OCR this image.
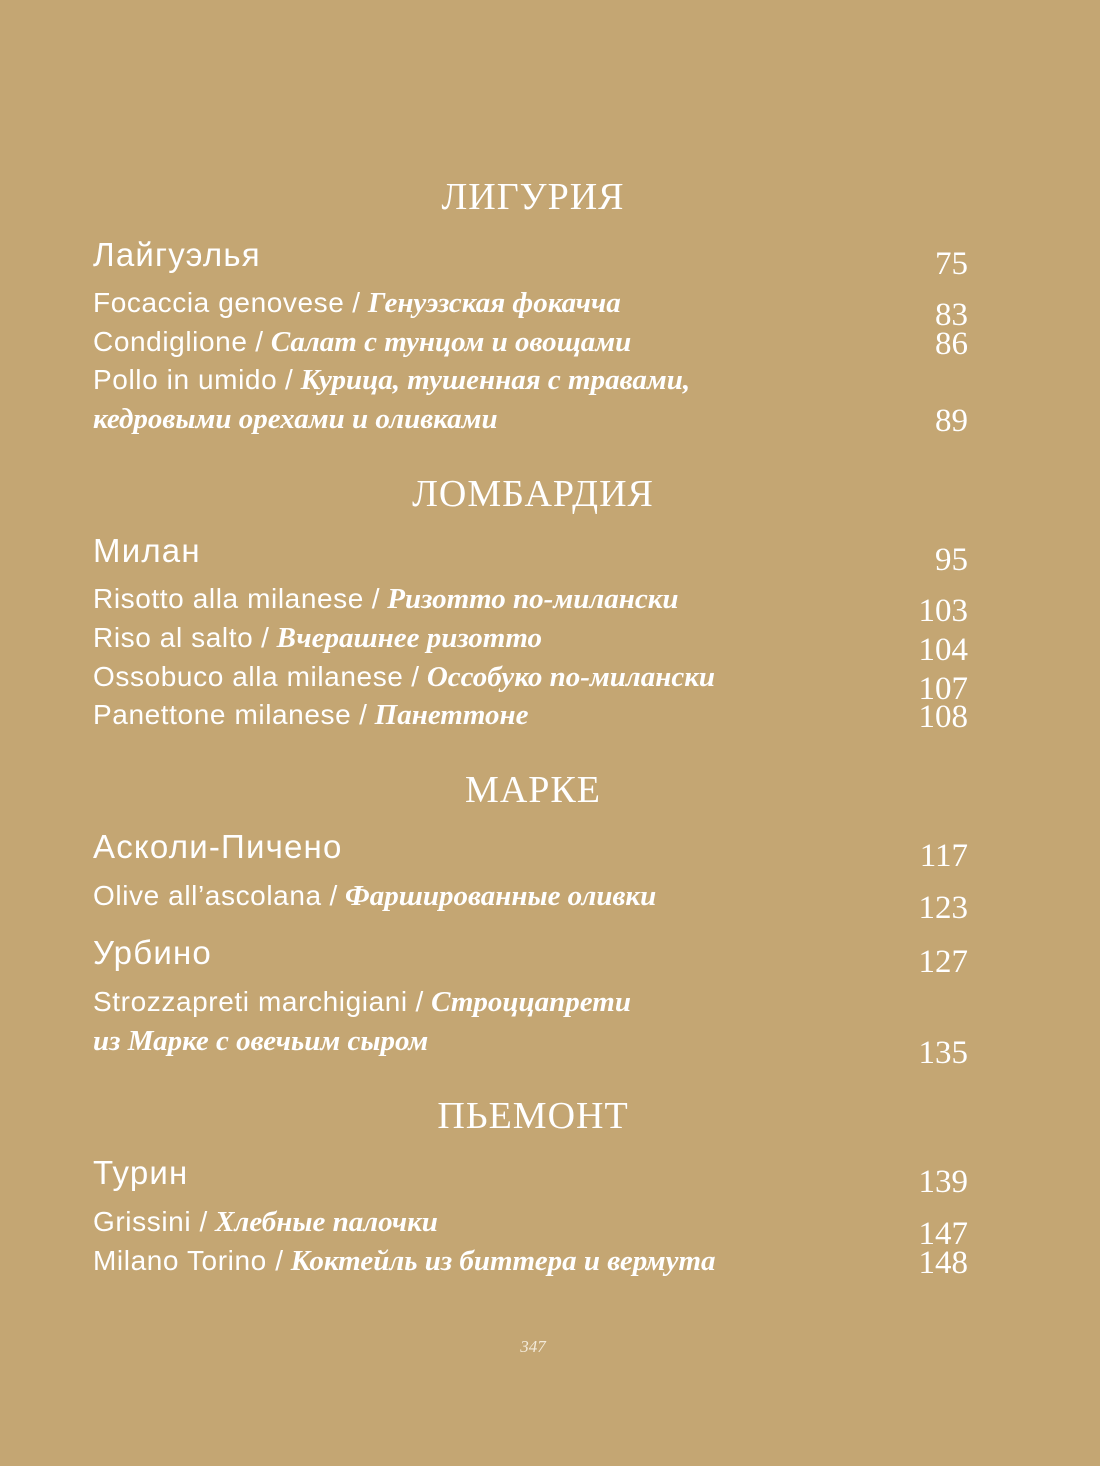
ЛИГУРИЯ
Лайгуэлья	75
Focaccia genovese / Генуэзская фокачча	83
Condiglione / Салат с тунцом и овощами	86
Pollo in umido / Курица, тушенная с травами,
кедровыми орехами и оливками	89
ЛОМБАРДИЯ
Милан	95
Risotto alla milanese / Ризотто по-милански	103
Riso al salto / Вчерашнее ризотто	104
Ossobuco alla milanese / Оссобуко по-милански	107
Panettone milanese / Панеттоне	108
МАРКЕ
Асколи-Пичено	117
Olive all’ascolana / Фаршированные оливки	123
Урбино	127
Strozzapreti marchigiani / Строццапрети
из Марке с овечьим сыром	135
ПЬЕМОНТ
Турин	139
Grissini / Хлебные палочки	147
Milano Torino / Коктейль из биттера и вермута	148
347
